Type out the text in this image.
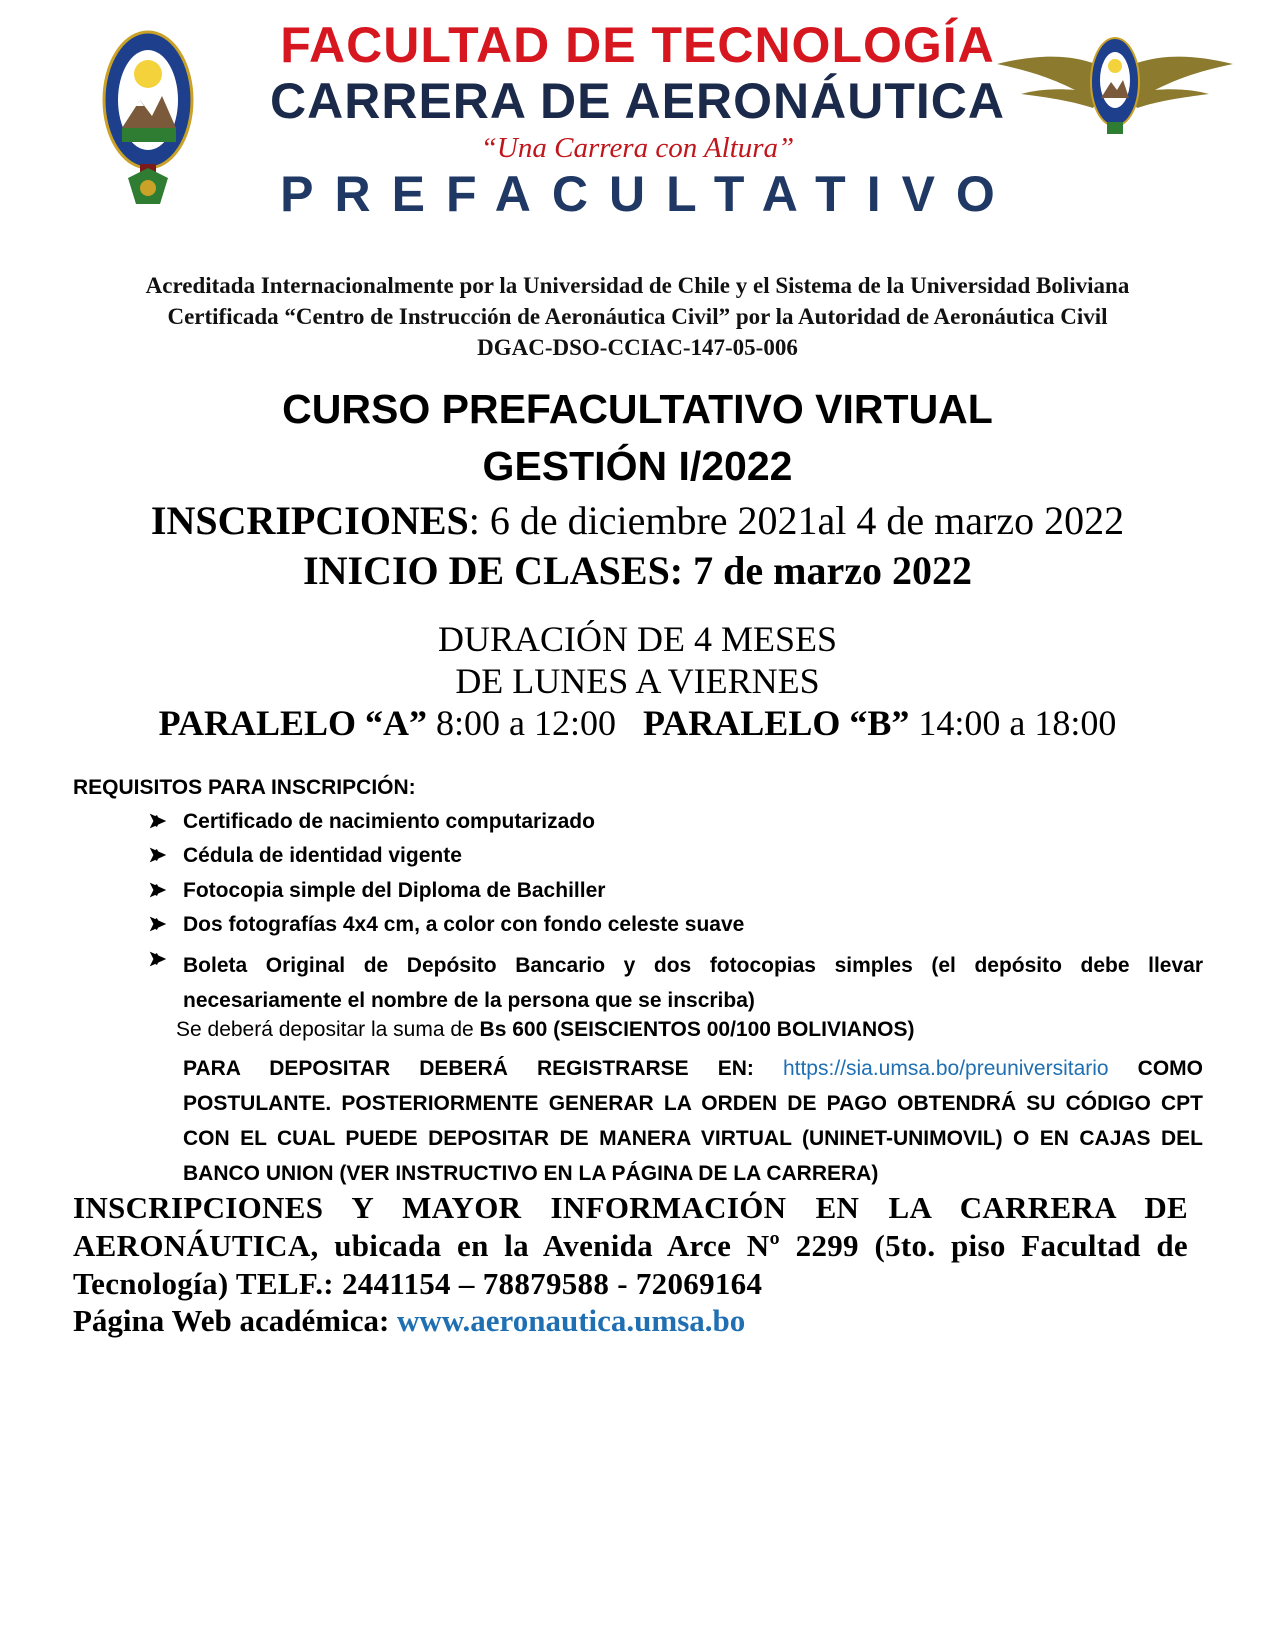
FACULTAD DE TECNOLOGÍA
CARRERA DE AERONÁUTICA
“Una Carrera con Altura”
PREFACULTATIVO
Acreditada Internacionalmente por la Universidad de Chile y el Sistema de la Universidad Boliviana
Certificada “Centro de Instrucción de Aeronáutica Civil” por la Autoridad de Aeronáutica Civil
DGAC-DSO-CCIAC-147-05-006
CURSO PREFACULTATIVO VIRTUAL
GESTIÓN I/2022
INSCRIPCIONES: 6 de diciembre 2021al 4 de marzo 2022
INICIO DE CLASES: 7 de marzo 2022
DURACIÓN DE 4 MESES
DE LUNES A VIERNES
PARALELO “A” 8:00 a 12:00 PARALELO “B” 14:00 a 18:00
REQUISITOS PARA INSCRIPCIÓN:
Certificado de nacimiento computarizado
Cédula de identidad vigente
Fotocopia simple del Diploma de Bachiller
Dos fotografías 4x4 cm, a color con fondo celeste suave
Boleta Original de Depósito Bancario y dos fotocopias simples (el depósito debe llevar necesariamente el nombre de la persona que se inscriba)
Se deberá depositar la suma de Bs 600 (SEISCIENTOS 00/100 BOLIVIANOS)
PARA DEPOSITAR DEBERÁ REGISTRARSE EN: https://sia.umsa.bo/preuniversitario COMO POSTULANTE. POSTERIORMENTE GENERAR LA ORDEN DE PAGO OBTENDRÁ SU CÓDIGO CPT CON EL CUAL PUEDE DEPOSITAR DE MANERA VIRTUAL (UNINET-UNIMOVIL) O EN CAJAS DEL BANCO UNION (VER INSTRUCTIVO EN LA PÁGINA DE LA CARRERA)
INSCRIPCIONES Y MAYOR INFORMACIÓN EN LA CARRERA DE AERONÁUTICA, ubicada en la Avenida Arce Nº 2299 (5to. piso Facultad de Tecnología) TELF.: 2441154 – 78879588 - 72069164
Página Web académica: www.aeronautica.umsa.bo
